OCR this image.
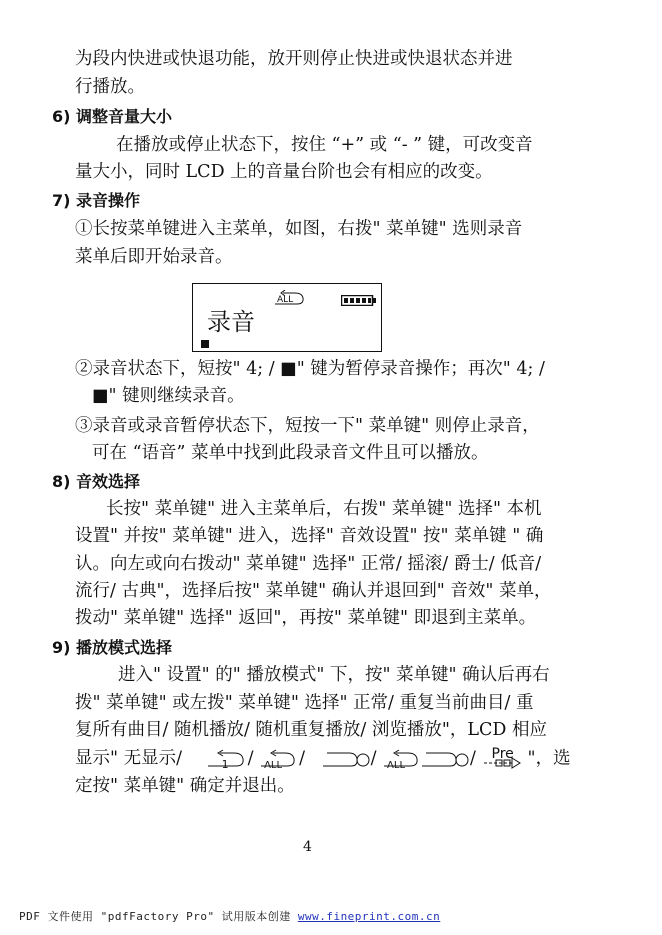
为段内快进或快退功能，放开则停止快进或快退状态并进
行播放。
6) 调整音量大小
在播放或停止状态下，按住 “+” 或 “- ” 键，可改变音
量大小，同时 LCD 上的音量台阶也会有相应的改变。
7) 录音操作
①长按菜单键进入主菜单，如图，右拨" 菜单键" 选则录音
菜单后即开始录音。
ALL
录音
②录音状态下，短按" 4; / ■" 键为暂停录音操作；再次" 4; /
■" 键则继续录音。
③录音或录音暂停状态下，短按一下" 菜单键" 则停止录音，
可在 “语音” 菜单中找到此段录音文件且可以播放。
8) 音效选择
长按" 菜单键" 进入主菜单后，右拨" 菜单键" 选择" 本机
设置" 并按" 菜单键" 进入，选择" 音效设置" 按" 菜单键 " 确
认。向左或向右拨动" 菜单键" 选择" 正常/ 摇滚/ 爵士/ 低音/
流行/ 古典"，选择后按" 菜单键" 确认并退回到" 音效" 菜单，
拨动" 菜单键" 选择" 返回"，再按" 菜单键" 即退到主菜单。
9) 播放模式选择
进入" 设置" 的" 播放模式" 下，按" 菜单键" 确认后再右
拨" 菜单键" 或左拨" 菜单键" 选择" 正常/ 重复当前曲目/ 重
复所有曲目/ 随机播放/ 随机重复播放/ 浏览播放"，LCD 相应
显示" 无显示/	1 / ALL /	/ ALL	/ Pre "，选
定按" 菜单键" 确定并退出。
4
PDF 文件使用 "pdfFactory Pro" 试用版本创建 www.fineprint.com.cn
